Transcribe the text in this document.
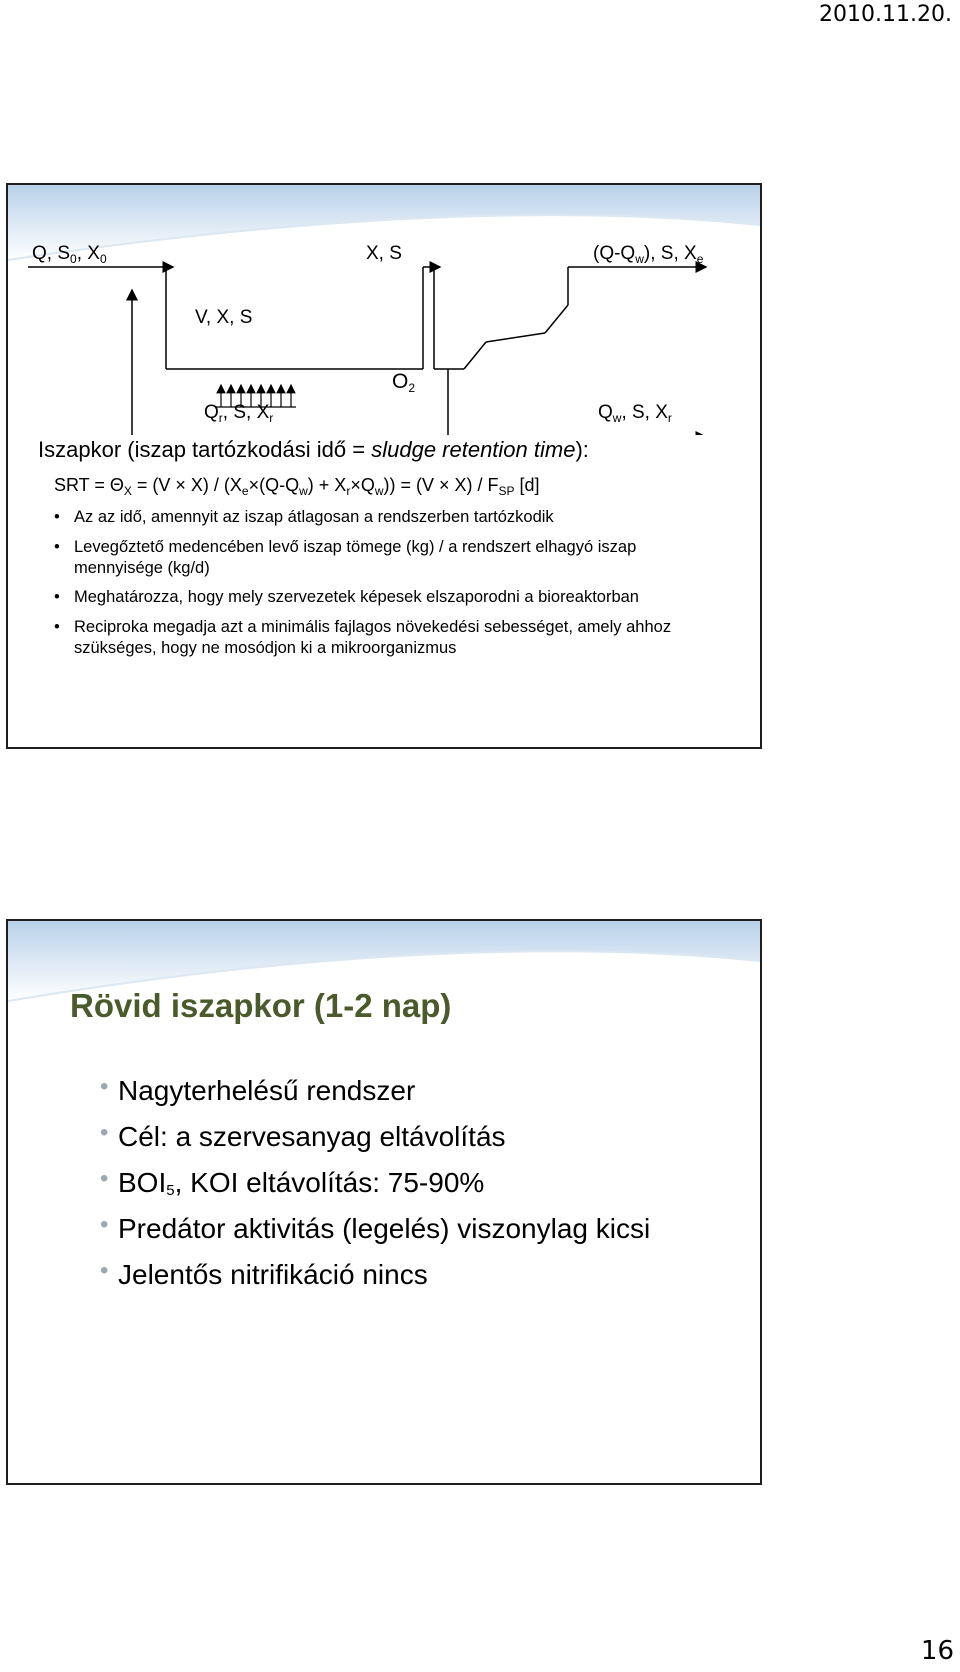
2010.11.20.
Q, $S_0$, $X_0$	X, S	$(Q-Q_w)$, S, $X_e$
V, X, S
$O_2$
$Q_r$, S, $X_r$	$Q_w$, S, $X_r$
Iszapkor (iszap tartózkodási idő = sludge retention time):
SRT = $\Theta_X = (V \times X) / (X_e\times(Q-Q_w) + X_r\times Q_w)) = (V \times X) / F_{SP}$ [d]
• Az az idő, amennyit az iszap átlagosan a rendszerben tartózkodik
• Levegőztető medencében levő iszap tömege (kg) / a rendszert elhagyó iszap mennyisége (kg/d)
• Meghatározza, hogy mely szervezetek képesek elszaporodni a bioreaktorban
• Reciproka megadja azt a minimális fajlagos növekedési sebességet, amely ahhoz szükséges, hogy ne mosódjon ki a mikroorganizmus
Rövid iszapkor (1-2 nap)
• Nagyterhelésű rendszer
• Cél: a szervesanyag eltávolítás
• $BOI_5$, KOI eltávolítás: 75-90%
• Predátor aktivitás (legelés) viszonylag kicsi
• Jelentős nitrifikáció nincs
16
